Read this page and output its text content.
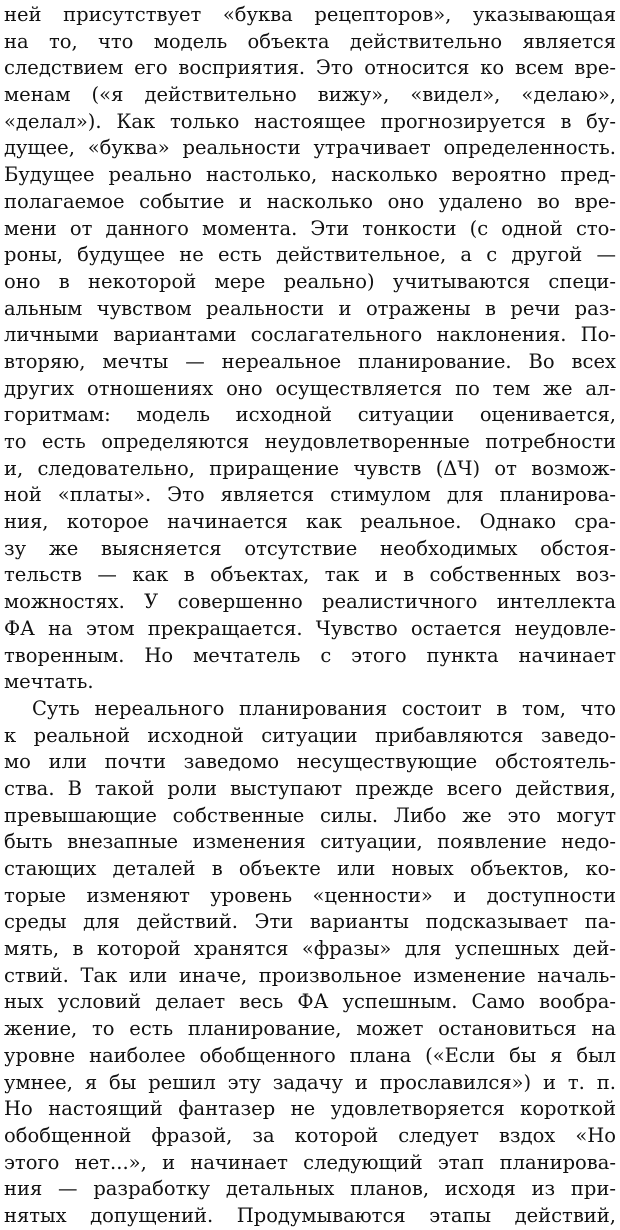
ней присутствует «буква рецепторов», указывающая
на то, что модель объекта действительно является
следствием его восприятия. Это относится ко всем вре-
менам («я действительно вижу», «видел», «делаю»,
«делал»). Как только настоящее прогнозируется в бу-
дущее, «буква» реальности утрачивает определенность.
Будущее реально настолько, насколько вероятно пред-
полагаемое событие и насколько оно удалено во вре-
мени от данного момента. Эти тонкости (с одной сто-
роны, будущее не есть действительное, а с другой —
оно в некоторой мере реально) учитываются специ-
альным чувством реальности и отражены в речи раз-
личными вариантами сослагательного наклонения. По-
вторяю, мечты — нереальное планирование. Во всех
других отношениях оно осуществляется по тем же ал-
горитмам: модель исходной ситуации оценивается,
то есть определяются неудовлетворенные потребности
и, следовательно, приращение чувств (ΔЧ) от возмож-
ной «платы». Это является стимулом для планирова-
ния, которое начинается как реальное. Однако сра-
зу же выясняется отсутствие необходимых обстоя-
тельств — как в объектах, так и в собственных воз-
можностях. У совершенно реалистичного интеллекта
ФА на этом прекращается. Чувство остается неудовле-
творенным. Но мечтатель с этого пункта начинает
мечтать.
Суть нереального планирования состоит в том, что
к реальной исходной ситуации прибавляются заведо-
мо или почти заведомо несуществующие обстоятель-
ства. В такой роли выступают прежде всего действия,
превышающие собственные силы. Либо же это могут
быть внезапные изменения ситуации, появление недо-
стающих деталей в объекте или новых объектов, ко-
торые изменяют уровень «ценности» и доступности
среды для действий. Эти варианты подсказывает па-
мять, в которой хранятся «фразы» для успешных дей-
ствий. Так или иначе, произвольное изменение началь-
ных условий делает весь ФА успешным. Само вообра-
жение, то есть планирование, может остановиться на
уровне наиболее обобщенного плана («Если бы я был
умнее, я бы решил эту задачу и прославился») и т. п.
Но настоящий фантазер не удовлетворяется короткой
обобщенной фразой, за которой следует вздох «Но
этого нет...», и начинает следующий этап планирова-
ния — разработку детальных планов, исходя из при-
нятых допущений. Продумываются этапы действий,
